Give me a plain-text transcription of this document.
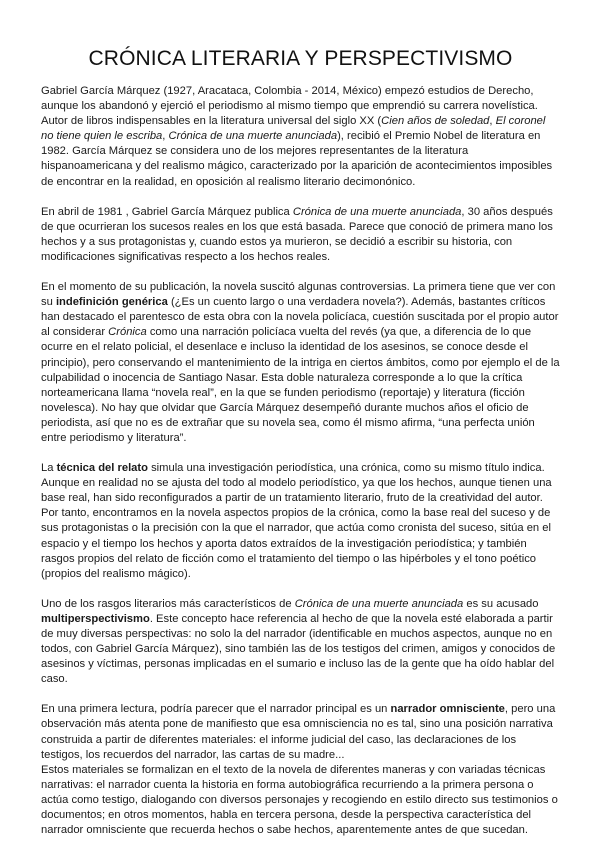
CRÓNICA LITERARIA Y PERSPECTIVISMO

Gabriel García Márquez (1927, Aracataca, Colombia - 2014, México) empezó estudios de Derecho, aunque los abandonó y ejerció el periodismo al mismo tiempo que emprendió su carrera novelística. Autor de libros indispensables en la literatura universal del siglo XX (Cien años de soledad, El coronel no tiene quien le escriba, Crónica de una muerte anunciada), recibió el Premio Nobel de literatura en 1982. García Márquez se considera uno de los mejores representantes de la literatura hispanoamericana y del realismo mágico, caracterizado por la aparición de acontecimientos imposibles de encontrar en la realidad, en oposición al realismo literario decimonónico.

En abril de 1981 , Gabriel García Márquez publica Crónica de una muerte anunciada, 30 años después de que ocurrieran los sucesos reales en los que está basada. Parece que conoció de primera mano los hechos y a sus protagonistas y, cuando estos ya murieron, se decidió a escribir su historia, con modificaciones significativas respecto a los hechos reales.

En el momento de su publicación, la novela suscitó algunas controversias. La primera tiene que ver con su indefinición genérica (¿Es un cuento largo o una verdadera novela?). Además, bastantes críticos han destacado el parentesco de esta obra con la novela policíaca, cuestión suscitada por el propio autor al considerar Crónica como una narración policíaca vuelta del revés (ya que, a diferencia de lo que ocurre en el relato policial, el desenlace e incluso la identidad de los asesinos, se conoce desde el principio), pero conservando el mantenimiento de la intriga en ciertos ámbitos, como por ejemplo el de la culpabilidad o inocencia de Santiago Nasar. Esta doble naturaleza corresponde a lo que la crítica norteamericana llama “novela real”, en la que se funden periodismo (reportaje) y literatura (ficción novelesca). No hay que olvidar que García Márquez desempeñó durante muchos años el oficio de periodista, así que no es de extrañar que su novela sea, como él mismo afirma, “una perfecta unión entre periodismo y literatura”.

La técnica del relato simula una investigación periodística, una crónica, como su mismo título indica. Aunque en realidad no se ajusta del todo al modelo periodístico, ya que los hechos, aunque tienen una base real, han sido reconfigurados a partir de un tratamiento literario, fruto de la creatividad del autor. Por tanto, encontramos en la novela aspectos propios de la crónica, como la base real del suceso y de sus protagonistas o la precisión con la que el narrador, que actúa como cronista del suceso, sitúa en el espacio y el tiempo los hechos y aporta datos extraídos de la investigación periodística; y también rasgos propios del relato de ficción como el tratamiento del tiempo o las hipérboles y el tono poético (propios del realismo mágico).

Uno de los rasgos literarios más característicos de Crónica de una muerte anunciada es su acusado multiperspectivismo. Este concepto hace referencia al hecho de que la novela esté elaborada a partir de muy diversas perspectivas: no solo la del narrador (identificable en muchos aspectos, aunque no en todos, con Gabriel García Márquez), sino también las de los testigos del crimen, amigos y conocidos de asesinos y víctimas, personas implicadas en el sumario e incluso las de la gente que ha oído hablar del caso.

En una primera lectura, podría parecer que el narrador principal es un narrador omnisciente, pero una observación más atenta pone de manifiesto que esa omnisciencia no es tal, sino una posición narrativa construida a partir de diferentes materiales: el informe judicial del caso, las declaraciones de los testigos, los recuerdos del narrador, las cartas de su madre...

Estos materiales se formalizan en el texto de la novela de diferentes maneras y con variadas técnicas narrativas: el narrador cuenta la historia en forma autobiográfica recurriendo a la primera persona o actúa como testigo, dialogando con diversos personajes y recogiendo en estilo directo sus testimonios o documentos; en otros momentos, habla en tercera persona, desde la perspectiva característica del narrador omnisciente que recuerda hechos o sabe hechos, aparentemente antes de que sucedan.
